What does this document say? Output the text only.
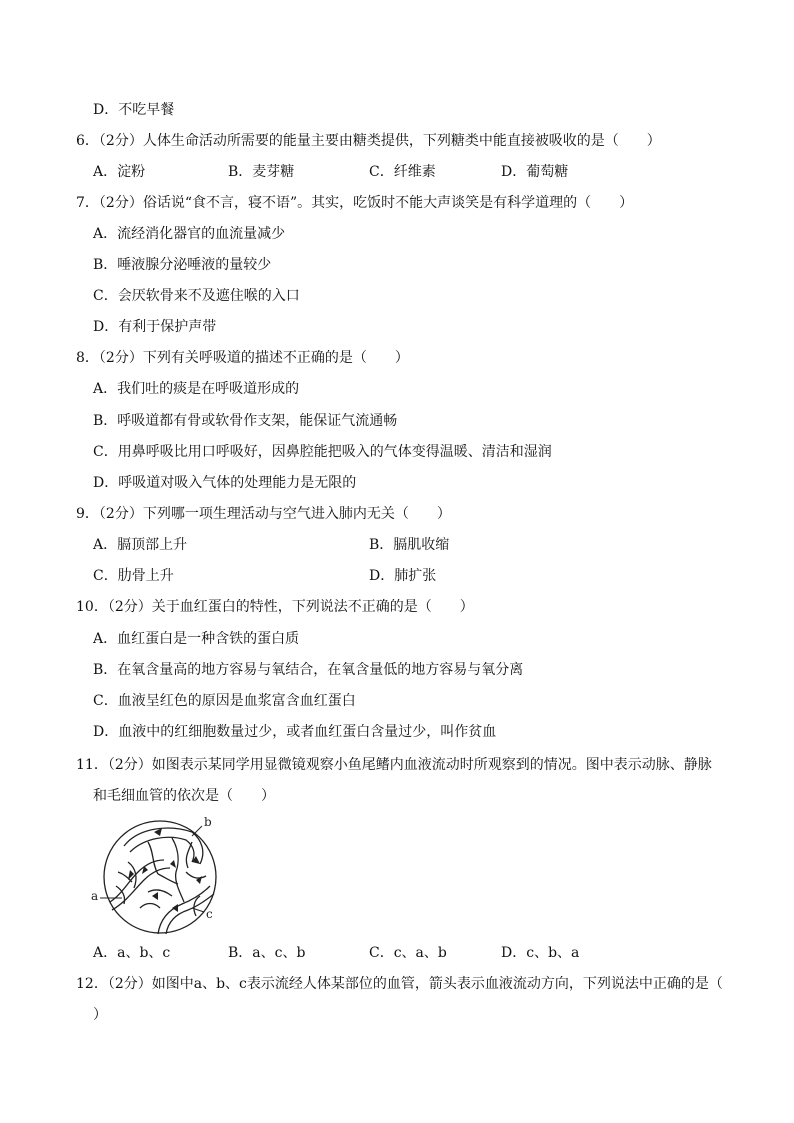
D．不吃早餐
6．（2分）人体生命活动所需要的能量主要由糖类提供，下列糖类中能直接被吸收的是（　　）
A．淀粉	B．麦芽糖	C．纤维素	D．葡萄糖
7．（2分）俗话说“食不言，寝不语”。其实，吃饭时不能大声谈笑是有科学道理的（　　）
A．流经消化器官的血流量减少
B．唾液腺分泌唾液的量较少
C．会厌软骨来不及遮住喉的入口
D．有利于保护声带
8．（2分）下列有关呼吸道的描述不正确的是（　　）
A．我们吐的痰是在呼吸道形成的
B．呼吸道都有骨或软骨作支架，能保证气流通畅
C．用鼻呼吸比用口呼吸好，因鼻腔能把吸入的气体变得温暖、清洁和湿润
D．呼吸道对吸入气体的处理能力是无限的
9．（2分）下列哪一项生理活动与空气进入肺内无关（　　）
A．膈顶部上升	B．膈肌收缩
C．肋骨上升	D．肺扩张
10．（2分）关于血红蛋白的特性，下列说法不正确的是（　　）
A．血红蛋白是一种含铁的蛋白质
B．在氧含量高的地方容易与氧结合，在氧含量低的地方容易与氧分离
C．血液呈红色的原因是血浆富含血红蛋白
D．血液中的红细胞数量过少，或者血红蛋白含量过少，叫作贫血
11．（2分）如图表示某同学用显微镜观察小鱼尾鳍内血液流动时所观察到的情况。图中表示动脉、静脉
和毛细血管的依次是（　　）
b
a
c
A．a、b、c	B．a、c、b	C．c、a、b	D．c、b、a
12．（2分）如图中a、b、c表示流经人体某部位的血管，箭头表示血液流动方向，下列说法中正确的是（
）
